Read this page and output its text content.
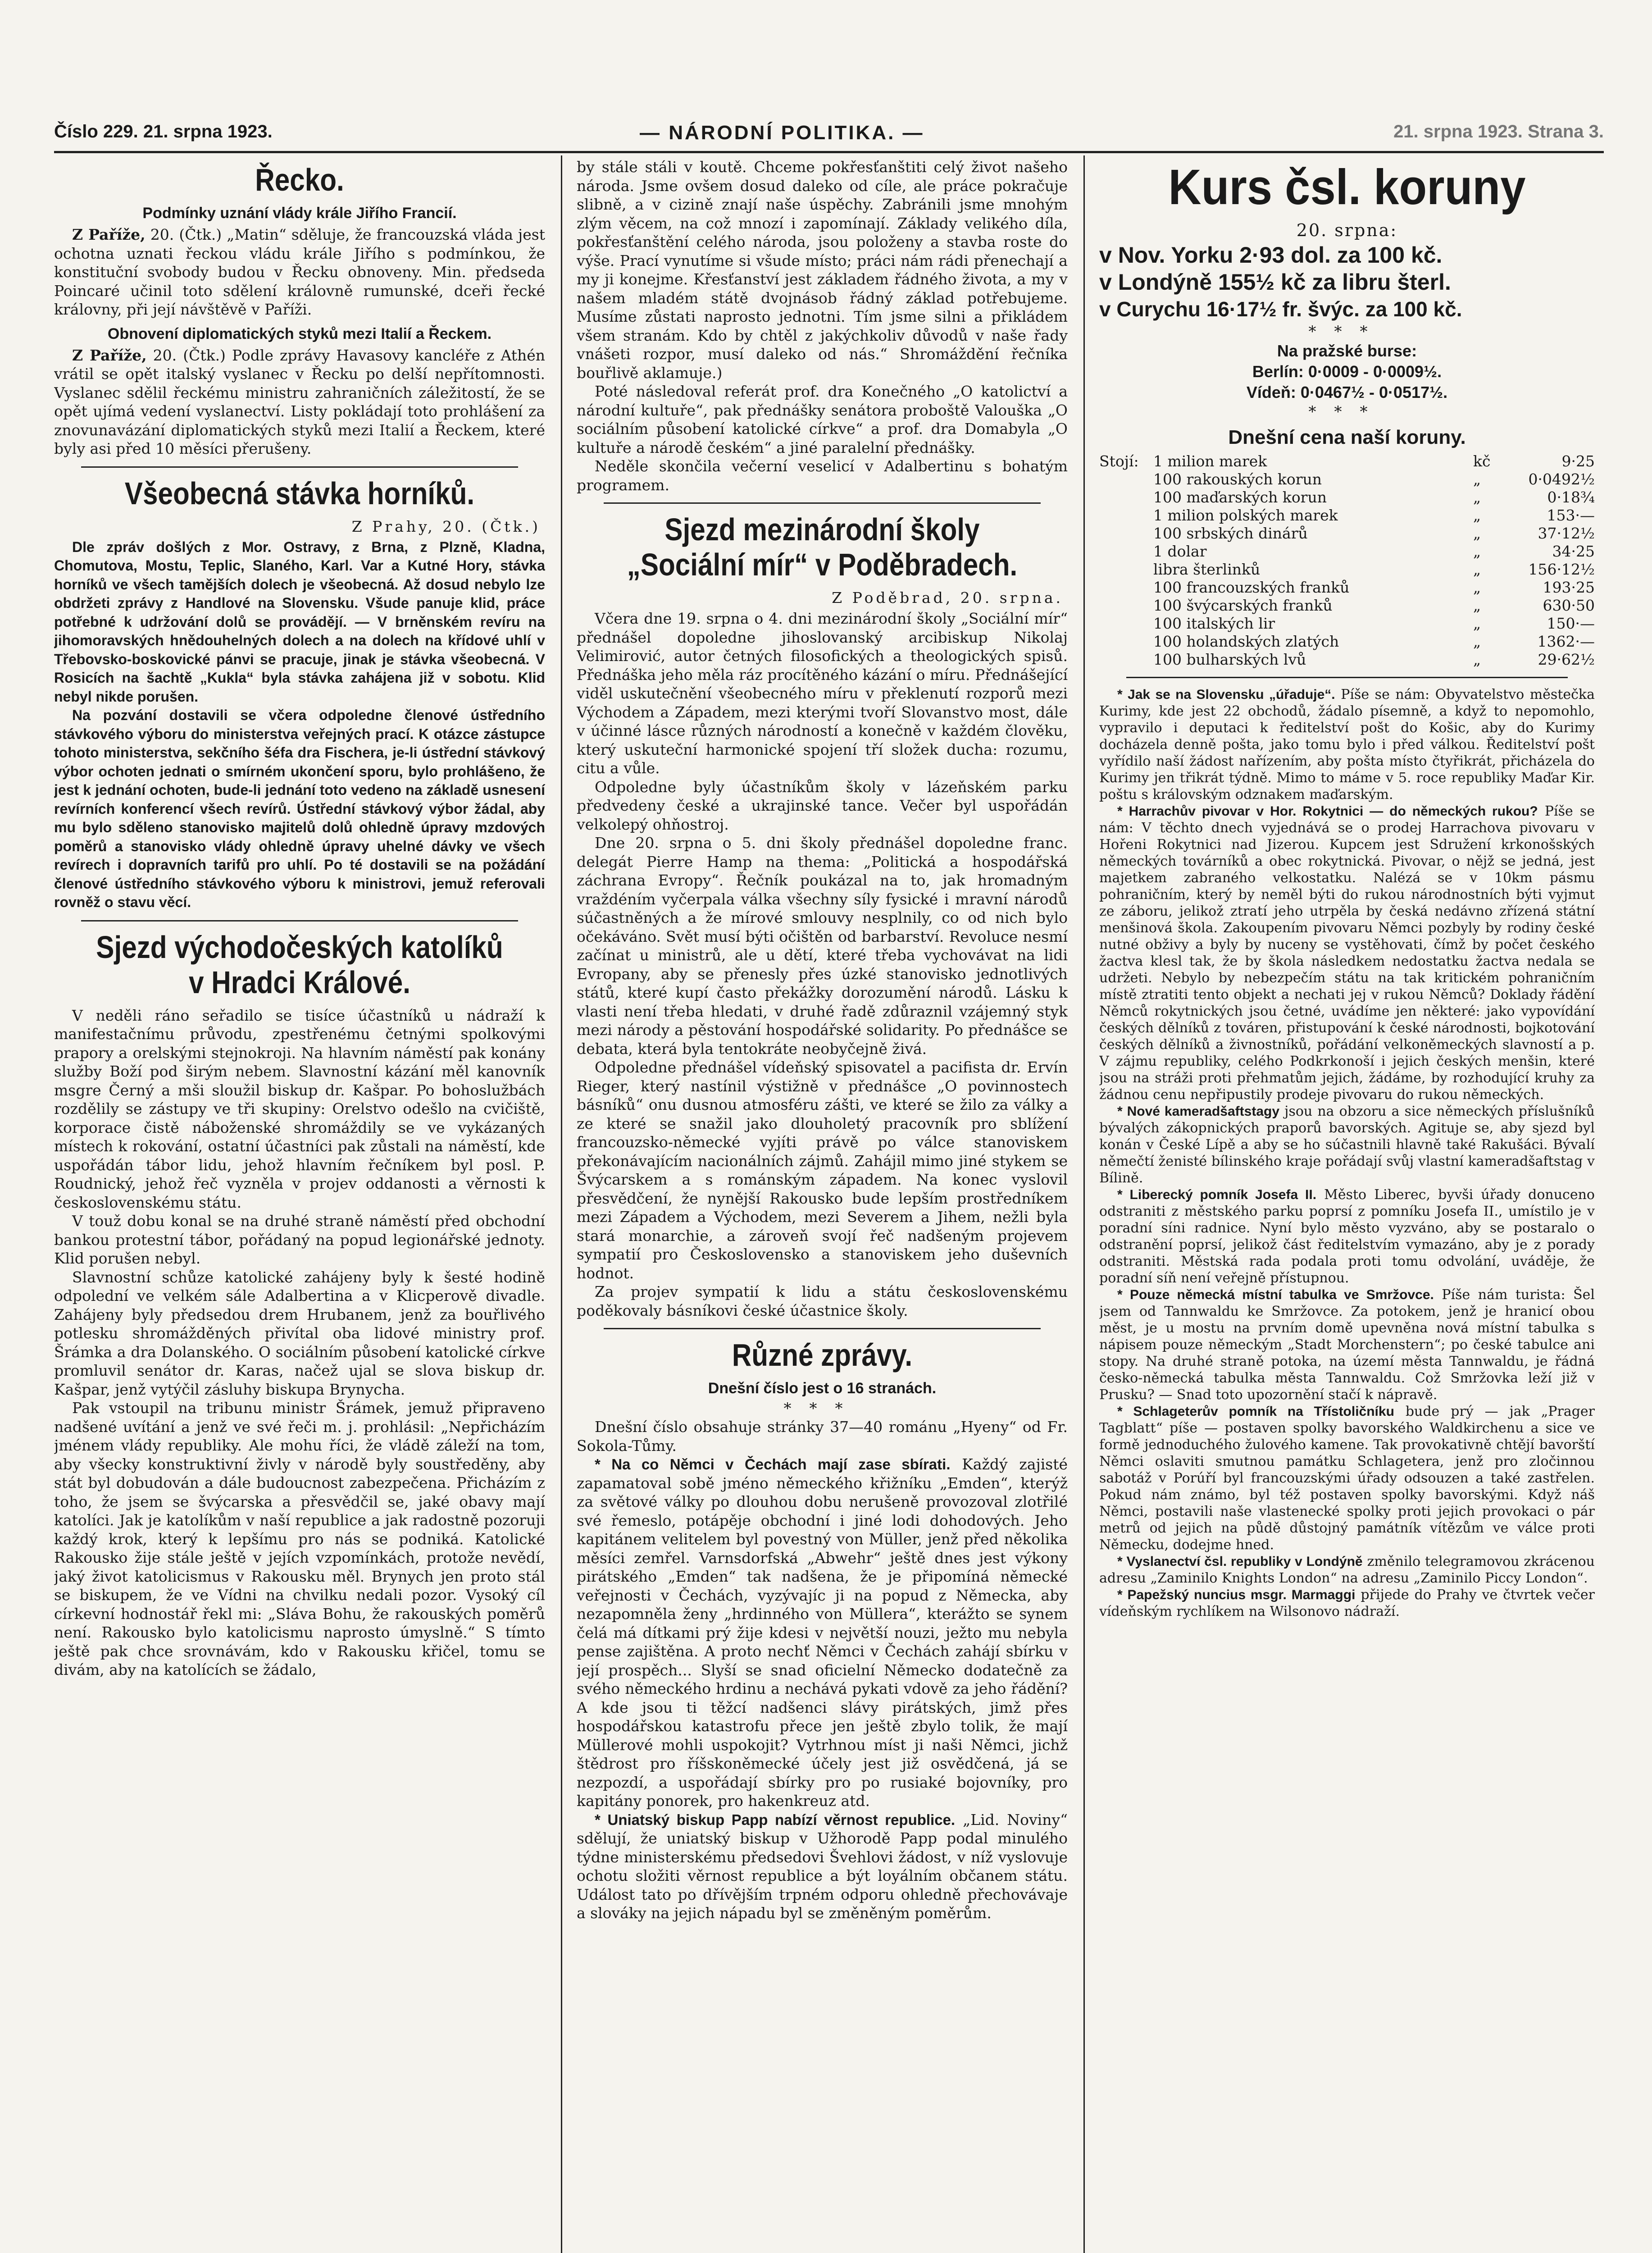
Číslo 229. 21. srpna 1923.	— NÁRODNÍ POLITIKA. —	21. srpna 1923. Strana 3.
Řecko.
Podmínky uznání vlády krále Jiřího Francií.

Z Paříže, 20. (Čtk.) „Matin“ sděluje, že francouzská vláda jest ochotna uznati řeckou vládu krále Jiřího s podmínkou, že konstituční svobody budou v Řecku obnoveny. Min. předseda Poincaré učinil toto sdělení královně rumunské, dceři řecké královny, při její návštěvě v Paříži.

Obnovení diplomatických styků mezi Italií a Řeckem.

Z Paříže, 20. (Čtk.) Podle zprávy Havasovy kancléře z Athén vrátil se opět italský vyslanec v Řecku po delší nepřítomnosti. Vyslanec sdělil řeckému ministru zahraničních záležitostí, že se opět ujímá vedení vyslanectví. Listy pokládají toto prohlášení za znovunavázání diplomatických styků mezi Italií a Řeckem, které byly asi před 10 měsíci přerušeny.

Všeobecná stávka horníků.
Z Prahy, 20. (Čtk.)

Dle zpráv došlých z Mor. Ostravy, z Brna, z Plzně, Kladna, Chomutova, Mostu, Teplic, Slaného, Karl. Var a Kutné Hory, stávka horníků ve všech tamějších dolech je všeobecná. Až dosud nebylo lze obdržeti zprávy z Handlové na Slovensku. Všude panuje klid, práce potřebné k udržování dolů se provádějí. — V brněnském revíru na jihomoravských hnědouhelných dolech a na dolech na křídové uhlí v Třebovsko-boskovické pánvi se pracuje, jinak je stávka všeobecná. V Rosicích na šachtě „Kukla“ byla stávka zahájena již v sobotu. Klid nebyl nikde porušen.

Na pozvání dostavili se včera odpoledne členové ústředního stávkového výboru do ministerstva veřejných prací. K otázce zástupce tohoto ministerstva, sekčního šéfa dra Fischera, je-li ústřední stávkový výbor ochoten jednati o smírném ukončení sporu, bylo prohlášeno, že jest k jednání ochoten, bude-li jednání toto vedeno na základě usnesení revírních konferencí všech revírů. Ústřední stávkový výbor žádal, aby mu bylo sděleno stanovisko majitelů dolů ohledně úpravy mzdových poměrů a stanovisko vlády ohledně úpravy uhelné dávky ve všech revírech i dopravních tarifů pro uhlí. Po té dostavili se na požádání členové ústředního stávkového výboru k ministrovi, jemuž referovali rovněž o stavu věcí.

Sjezd východočeských katolíků v Hradci Králové.

V neděli ráno seřadilo se tisíce účastníků u nádraží k manifestačnímu průvodu, zpestřenému četnými spolkovými prapory a orelskými stejnokroji. Na hlavním náměstí pak konány služby Boží pod širým nebem. Slavnostní kázání měl kanovník msgre Černý a mši sloužil biskup dr. Kašpar. Po bohoslužbách rozdělily se zástupy ve tři skupiny: Orelstvo odešlo na cvičiště, korporace čistě náboženské shromáždily se ve vykázaných místech k rokování, ostatní účastníci pak zůstali na náměstí, kde uspořádán tábor lidu, jehož hlavním řečníkem byl posl. P. Roudnický, jehož řeč vyzněla v projev oddanosti a věrnosti k československému státu.

V touž dobu konal se na druhé straně náměstí před obchodní bankou protestní tábor, pořádaný na popud legionářské jednoty. Klid porušen nebyl.

Slavnostní schůze katolické zahájeny byly k šesté hodině odpolední ve velkém sále Adalbertina a v Klicperově divadle. Zahájeny byly předsedou drem Hrubanem, jenž za bouřlivého potlesku shromážděných přivítal oba lidové ministry prof. Šrámka a dra Dolanského. O sociálním působení katolické církve promluvil senátor dr. Karas, načež ujal se slova biskup dr. Kašpar, jenž vytýčil zásluhy biskupa Brynycha.

Pak vstoupil na tribunu ministr Šrámek, jemuž připraveno nadšené uvítání a jenž ve své řeči m. j. prohlásil: „Nepřicházím jménem vlády republiky. Ale mohu říci, že vládě záleží na tom, aby všecky konstruktivní živly v národě byly soustředěny, aby stát byl dobudován a dále budoucnost zabezpečena. Přicházím z toho, že jsem se švýcarska a přesvědčil se, jaké obavy mají katolíci. Jak je katolíkům v naší republice a jak radostně pozoruji každý krok, který k lepšímu pro nás se podniká. Katolické Rakousko žije stále ještě v jejích vzpomínkách, protože nevědí, jaký život katolicismus v Rakousku měl. Brynych jen proto stál se biskupem, že ve Vídni na chvilku nedali pozor. Vysoký cíl církevní hodnostář řekl mi: „Sláva Bohu, že rakouských poměrů není. Rakousko bylo katolicismu naprosto úmyslně.“ S tímto ještě pak chce srovnávám, kdo v Rakousku křičel, tomu se divám, aby na katolících se žádalo,

by stále stáli v koutě. Chceme pokřesťanštiti celý život našeho národa. Jsme ovšem dosud daleko od cíle, ale práce pokračuje slibně, a v cizině znají naše úspěchy. Zabránili jsme mnohým zlým věcem, na což mnozí i zapomínají. Základy velikého díla, pokřesťanštění celého národa, jsou položeny a stavba roste do výše. Prací vynutíme si všude místo; práci nám rádi přenechají a my ji konejme. Křesťanství jest základem řádného života, a my v našem mladém státě dvojnásob řádný základ potřebujeme. Musíme zůstati naprosto jednotni. Tím jsme silni a přikládem všem stranám. Kdo by chtěl z jakýchkoliv důvodů v naše řady vnášeti rozpor, musí daleko od nás.“ Shromáždění řečníka bouřlivě aklamuje.)

Poté následoval referát prof. dra Konečného „O katolictví a národní kultuře“, pak přednášky senátora proboště Valouška „O sociálním působení katolické církve“ a prof. dra Domabyla „O kultuře a národě českém“ a jiné paralelní přednášky.

Neděle skončila večerní veselicí v Adalbertinu s bohatým programem.

Sjezd mezinárodní školy „Sociální mír“ v Poděbradech.
Z Poděbrad, 20. srpna.

Včera dne 19. srpna o 4. dni mezinárodní školy „Sociální mír“ přednášel dopoledne jihoslovanský arcibiskup Nikolaj Velimirović, autor četných filosofických a theologických spisů. Přednáška jeho měla ráz procítěného kázání o míru. Přednášející viděl uskutečnění všeobecného míru v překlenutí rozporů mezi Východem a Západem, mezi kterými tvoří Slovanstvo most, dále v účinné lásce různých národností a konečně v každém člověku, který uskuteční harmonické spojení tří složek ducha: rozumu, citu a vůle.

Odpoledne byly účastníkům školy v lázeňském parku předvedeny české a ukrajinské tance. Večer byl uspořádán velkolepý ohňostroj.

Dne 20. srpna o 5. dni školy přednášel dopoledne franc. delegát Pierre Hamp na thema: „Politická a hospodářská záchrana Evropy“. Řečník poukázal na to, jak hromadným vraždéním vyčerpala válka všechny síly fysické i mravní národů súčastněných a že mírové smlouvy nesplnily, co od nich bylo očekáváno. Svět musí býti očištěn od barbarství. Revoluce nesmí začínat u ministrů, ale u dětí, které třeba vychovávat na lidi Evropany, aby se přenesly přes úzké stanovisko jednotlivých států, které kupí často překážky dorozumění národů. Lásku k vlasti není třeba hledati, v druhé řadě zdůraznil vzájemný styk mezi národy a pěstování hospodářské solidarity. Po přednášce se debata, která byla tentokráte neobyčejně živá.

Odpoledne přednášel vídeňský spisovatel a pacifista dr. Ervín Rieger, který nastínil výstižně v přednášce „O povinnostech básníků“ onu dusnou atmosféru zášti, ve které se žilo za války a ze které se snažil jako dlouholetý pracovník pro sblížení francouzsko-německé vyjíti právě po válce stanoviskem překonávajícím nacionálních zájmů. Zahájil mimo jiné stykem se Švýcarskem a s románským západem. Na konec vyslovil přesvědčení, že nynější Rakousko bude lepším prostředníkem mezi Západem a Východem, mezi Severem a Jihem, nežli byla stará monarchie, a zároveň svojí řeč nadšeným projevem sympatií pro Československo a stanoviskem jeho duševních hodnot.

Za projev sympatií k lidu a státu československému poděkovaly básníkovi české účastnice školy.

Různé zprávy.
Dnešní číslo jest o 16 stranách.
***

Dnešní číslo obsahuje stránky 37—40 románu „Hyeny“ od Fr. Sokola-Tůmy.

* Na co Němci v Čechách mají zase sbírati. Každý zajisté zapamatoval sobě jméno německého křižníku „Emden“, kterýž za světové války po dlouhou dobu nerušeně provozoval zlotřilé své řemeslo, potápěje obchodní i jiné lodi dohodových. Jeho kapitánem velitelem byl povestný von Müller, jenž před několika měsíci zemřel. Varnsdorfská „Abwehr“ ještě dnes jest výkony pirátského „Emden“ tak nadšena, že je připomíná německé veřejnosti v Čechách, vyzývajíc ji na popud z Německa, aby nezapomněla ženy „hrdinného von Müllera“, kterážto se synem čelá má dítkami prý žije kdesi v největší nouzi, ježto mu nebyla pense zajištěna. A proto nechť Němci v Čechách zahájí sbírku v její prospěch... Slyší se snad oficielní Německo dodatečně za svého německého hrdinu a nechává pykati vdově za jeho řádění? A kde jsou ti těžcí nadšenci slávy pirátských, jimž přes hospodářskou katastrofu přece jen ještě zbylo tolik, že mají Müllerové mohli uspokojit? Vytrhnou míst ji naši Němci, jichž štědrost pro říšskoněmecké účely jest již osvědčená, já se nezpozdí, a uspořádají sbírky pro po rusiaké bojovníky, pro kapitány ponorek, pro hakenkreuz atd.

* Uniatský biskup Papp nabízí věrnost republice. „Lid. Noviny“ sdělují, že uniatský biskup v Užhorodě Papp podal minulého týdne ministerskému předsedovi Švehlovi žádost, v níž vyslovuje ochotu složiti věrnost republice a být loyálním občanem státu. Událost tato po dřívějším trpném odporu ohledně přechovávaje a slováky na jejich nápadu byl se změněným poměrům.

Kurs čsl. koruny
20. srpna:
v Nov. Yorku 2·93 dol. za 100 kč.
v Londýně 155½ kč za libru šterl.
v Curychu 16·17½ fr. švýc. za 100 kč.
***
Na pražské burse:
Berlín: 0·0009 - 0·0009½.
Vídeň: 0·0467½ - 0·0517½.
***
Dnešní cena naší koruny.
Stojí:	1 milion marek	kč	9·25
	100 rakouských korun	„	0·0492½
	100 maďarských korun	„	0·18¾
	1 milion polských marek	„	153·—
	100 srbských dinárů	„	37·12½
	1 dolar	„	34·25
	libra šterlinků	„	156·12½
	100 francouzských franků	„	193·25
	100 švýcarských franků	„	630·50
	100 italských lir	„	150·—
	100 holandských zlatých	„	1362·—
	100 bulharských lvů	„	29·62½

* Jak se na Slovensku „úřaduje“. Píše se nám: Obyvatelstvo městečka Kurimy, kde jest 22 obchodů, žádalo písemně, a když to nepomohlo, vypravilo i deputaci k ředitelství pošt do Košic, aby do Kurimy docházela denně pošta, jako tomu bylo i před válkou. Ředitelství pošt vyřídilo naší žádost nařízením, aby pošta místo čtyřikrát, přicházela do Kurimy jen třikrát týdně. Mimo to máme v 5. roce republiky Maďar Kir. poštu s královským odznakem maďarským.

* Harrachův pivovar v Hor. Rokytnici — do německých rukou? Píše se nám: V těchto dnech vyjednává se o prodej Harrachova pivovaru v Hořeni Rokytnici nad Jizerou. Kupcem jest Sdružení krkonošských německých továrníků a obec rokytnická. Pivovar, o nějž se jedná, jest majetkem zabraného velkostatku. Nalézá se v 10km pásmu pohraničním, který by neměl býti do rukou národnostních býti vyjmut ze záboru, jelikož ztratí jeho utrpěla by česká nedávno zřízená státní menšinová škola. Zakoupením pivovaru Němci pozbyly by rodiny české nutné obživy a byly by nuceny se vystěhovati, čímž by počet českého žactva klesl tak, že by škola následkem nedostatku žactva nedala se udržeti. Nebylo by nebezpečím státu na tak kritickém pohraničním místě ztratiti tento objekt a nechati jej v rukou Němců? Doklady řádění Němců rokytnických jsou četné, uvádíme jen některé: jako vypovídání českých dělníků z továren, přistupování k české národnosti, bojkotování českých dělníků a živnostníků, pořádání velkoněmeckých slavností a p. V zájmu republiky, celého Podkrkonoší i jejich českých menšin, které jsou na stráži proti přehmatům jejich, žádáme, by rozhodující kruhy za žádnou cenu nepřipustily prodeje pivovaru do rukou německých.

* Nové kameradšaftstagy jsou na obzoru a sice německých příslušníků bývalých zákopnických praporů bavorských. Agituje se, aby sjezd byl konán v České Lípě a aby se ho súčastnili hlavně také Rakušáci. Bývalí němečtí ženisté bílinského kraje pořádají svůj vlastní kameradšaftstag v Bílině.

* Liberecký pomník Josefa II. Město Liberec, byvši úřady donuceno odstraniti z městského parku poprsí z pomníku Josefa II., umístilo je v poradní síni radnice. Nyní bylo město vyzváno, aby se postaralo o odstranění poprsí, jelikož část ředitelstvím vymazáno, aby je z porady odstraniti. Městská rada podala proti tomu odvolání, uváděje, že poradní síň není veřejně přístupnou.

* Pouze německá místní tabulka ve Smržovce. Píše nám turista: Šel jsem od Tannwaldu ke Smržovce. Za potokem, jenž je hranicí obou měst, je u mostu na prvním domě upevněna nová místní tabulka s nápisem pouze německým „Stadt Morchenstern“; po české tabulce ani stopy. Na druhé straně potoka, na území města Tannwaldu, je řádná česko-německá tabulka města Tannwaldu. Což Smržovka leží již v Prusku? — Snad toto upozornění stačí k nápravě.

* Schlageterův pomník na Třístoličníku bude prý — jak „Prager Tagblatt“ píše — postaven spolky bavorského Waldkirchenu a sice ve formě jednoduchého žulového kamene. Tak provokativně chtějí bavorští Němci oslaviti smutnou památku Schlagetera, jenž pro zločinnou sabotáž v Porúří byl francouzskými úřady odsouzen a také zastřelen. Pokud nám známo, byl též postaven spolky bavorskými. Když náš Němci, postavili naše vlastenecké spolky proti jejich provokaci o pár metrů od jejich na půdě důstojný památník vítězům ve válce proti Německu, dodejme hned.

* Vyslanectví čsl. republiky v Londýně změnilo telegramovou zkrácenou adresu „Zaminilo Knights London“ na adresu „Zaminilo Piccy London“.

* Papežský nuncius msgr. Marmaggi přijede do Prahy ve čtvrtek večer vídeňským rychlíkem na Wilsonovo nádraží.
